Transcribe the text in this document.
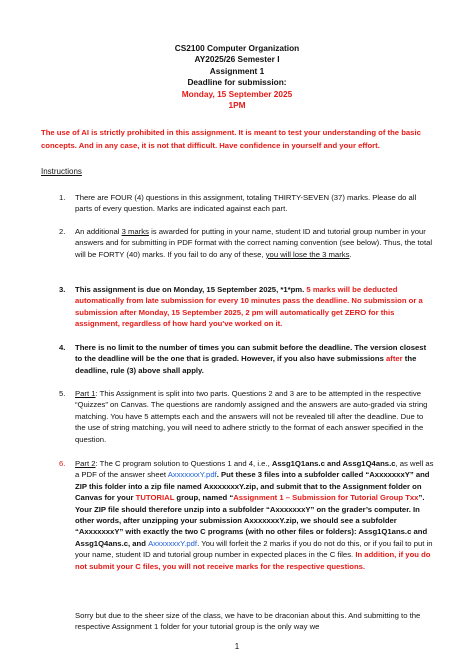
CS2100 Computer Organization
AY2025/26 Semester I
Assignment 1
Deadline for submission:
Monday, 15 September 2025
1PM
The use of AI is strictly prohibited in this assignment. It is meant to test your understanding of the basic concepts. And in any case, it is not that difficult. Have confidence in yourself and your effort.
Instructions
1. There are FOUR (4) questions in this assignment, totaling THIRTY-SEVEN (37) marks. Please do all parts of every question. Marks are indicated against each part.
2. An additional 3 marks is awarded for putting in your name, student ID and tutorial group number in your answers and for submitting in PDF format with the correct naming convention (see below). Thus, the total will be FORTY (40) marks. If you fail to do any of these, you will lose the 3 marks.
3. This assignment is due on Monday, 15 September 2025, *1*pm. 5 marks will be deducted automatically from late submission for every 10 minutes pass the deadline. No submission or a submission after Monday, 15 September 2025, 2 pm will automatically get ZERO for this assignment, regardless of how hard you've worked on it.
4. There is no limit to the number of times you can submit before the deadline. The version closest to the deadline will be the one that is graded. However, if you also have submissions after the deadline, rule (3) above shall apply.
5. Part 1: This Assignment is split into two parts. Questions 2 and 3 are to be attempted in the respective “Quizzes” on Canvas. The questions are randomly assigned and the answers are auto-graded via string matching. You have 5 attempts each and the answers will not be revealed till after the deadline. Due to the use of string matching, you will need to adhere strictly to the format of each answer specified in the question.
6. Part 2: The C program solution to Questions 1 and 4, i.e., Assg1Q1ans.c and Assg1Q4ans.c, as well as a PDF of the answer sheet AxxxxxxxY.pdf. Put these 3 files into a subfolder called “AxxxxxxxY” and ZIP this folder into a zip file named AxxxxxxxY.zip, and submit that to the Assignment folder on Canvas for your TUTORIAL group, named “Assignment 1 – Submission for Tutorial Group Txx”. Your ZIP file should therefore unzip into a subfolder “AxxxxxxxY” on the grader’s computer. In other words, after unzipping your submission AxxxxxxxY.zip, we should see a subfolder “AxxxxxxxY” with exactly the two C programs (with no other files or folders): Assg1Q1ans.c and Assg1Q4ans.c, and AxxxxxxxY.pdf. You will forfeit the 2 marks if you do not do this, or if you fail to put in your name, student ID and tutorial group number in expected places in the C files. In addition, if you do not submit your C files, you will not receive marks for the respective questions.
Sorry but due to the sheer size of the class, we have to be draconian about this. And submitting to the respective Assignment 1 folder for your tutorial group is the only way we
1
